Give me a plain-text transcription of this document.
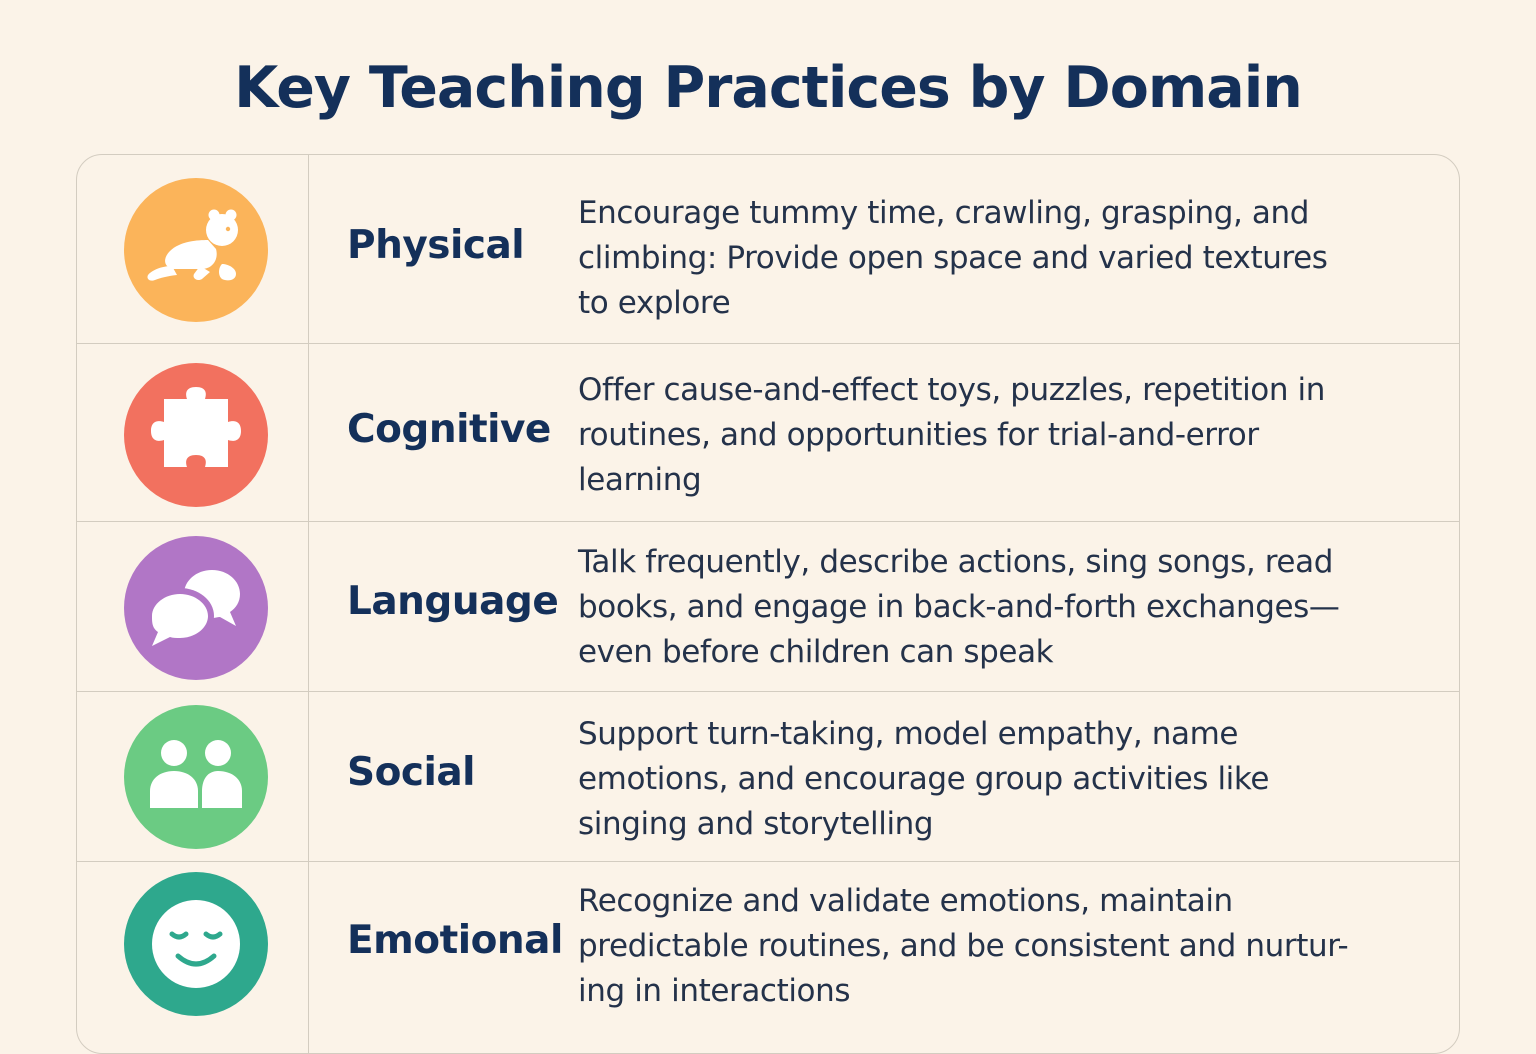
Key Teaching Practices by Domain
Physical
Encourage tummy time, crawling, grasping, and
climbing: Provide open space and varied textures
to explore
Cognitive
Offer cause-and-effect toys, puzzles, repetition in
routines, and opportunities for trial-and-error
learning
Language
Talk frequently, describe actions, sing songs, read
books, and engage in back-and-forth exchanges—
even before children can speak
Social
Support turn-taking, model empathy, name
emotions, and encourage group activities like
singing and storytelling
Emotional
Recognize and validate emotions, maintain
predictable routines, and be consistent and nurtur-
ing in interactions
